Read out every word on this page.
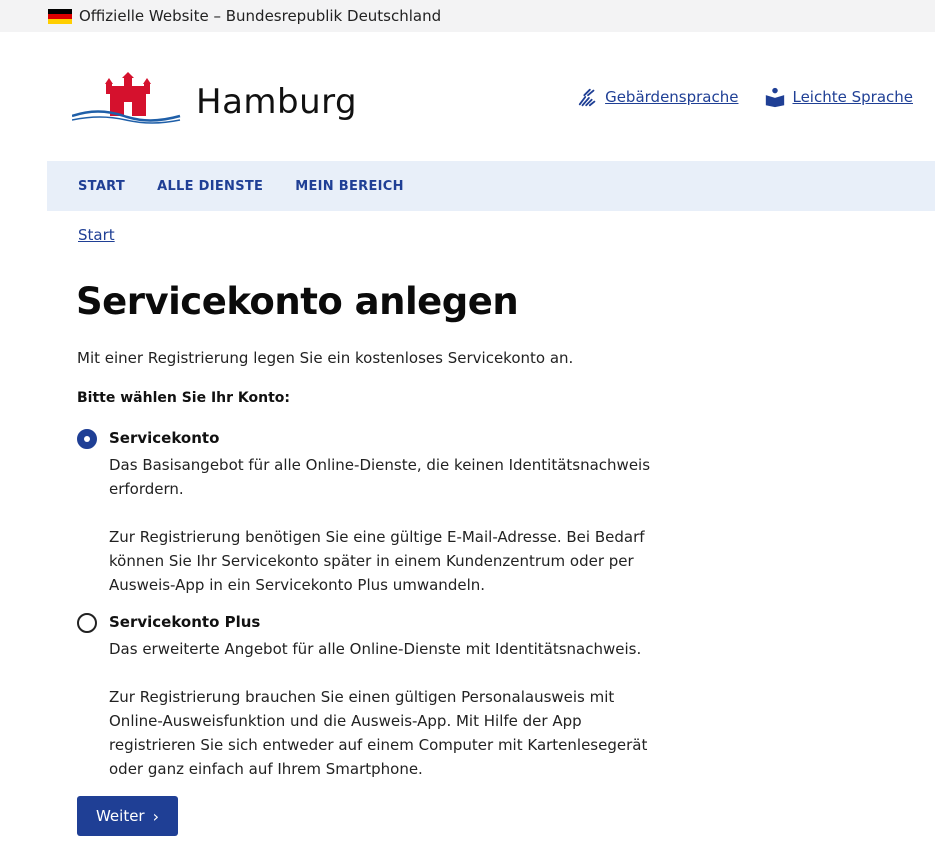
Offizielle Website – Bundesrepublik Deutschland
Hamburg	Gebärdensprache	Leichte Sprache
START ALLE DIENSTE MEIN BEREICH
Start
Servicekonto anlegen
Mit einer Registrierung legen Sie ein kostenloses Servicekonto an.
Bitte wählen Sie Ihr Konto:
Servicekonto

Das Basisangebot für alle Online-Dienste, die keinen Identitätsnachweis erfordern.

Zur Registrierung benötigen Sie eine gültige E-Mail-Adresse. Bei Bedarf können Sie Ihr Servicekonto später in einem Kundenzentrum oder per Ausweis-App in ein Servicekonto Plus umwandeln.

Servicekonto Plus

Das erweiterte Angebot für alle Online-Dienste mit Identitätsnachweis.

Zur Registrierung brauchen Sie einen gültigen Personalausweis mit Online-Ausweisfunktion und die Ausweis-App. Mit Hilfe der App registrieren Sie sich entweder auf einem Computer mit Kartenlesegerät oder ganz einfach auf Ihrem Smartphone.

Weiter ›
